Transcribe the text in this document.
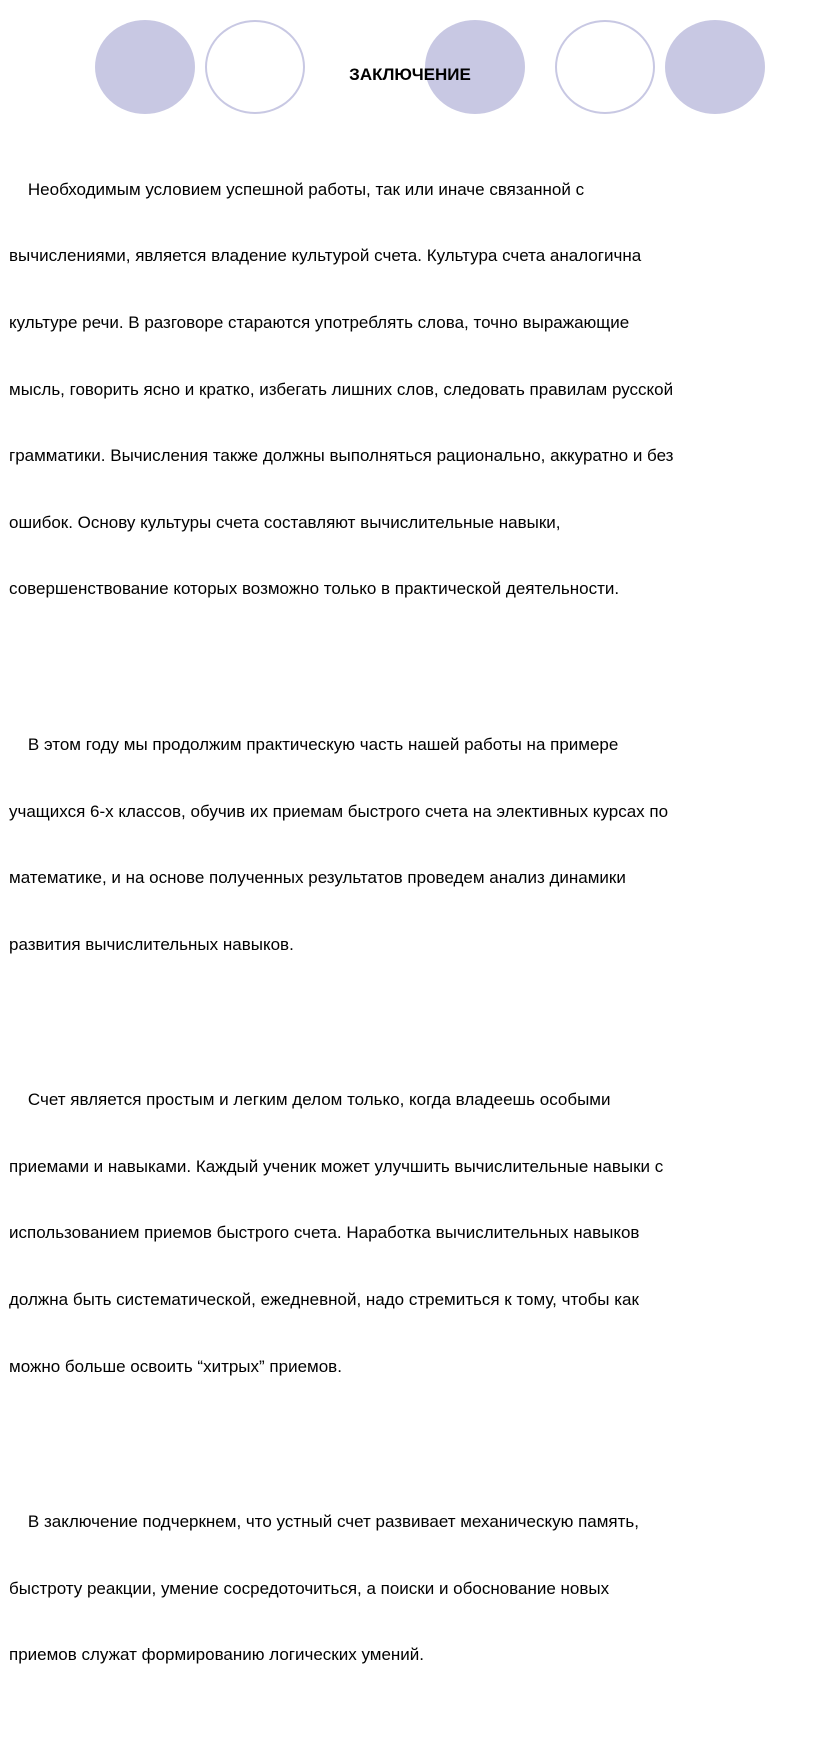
ЗАКЛЮЧЕНИЕ

Необходимым условием успешной работы, так или иначе связанной с

вычислениями, является владение культурой счета. Культура счета аналогична

культуре речи. В разговоре стараются употреблять слова, точно выражающие

мысль, говорить ясно и кратко, избегать лишних слов, следовать правилам русской

грамматики. Вычисления также должны выполняться рационально, аккуратно и без

ошибок. Основу культуры счета составляют вычислительные навыки,

совершенствование которых возможно только в практической деятельности.

В этом году мы продолжим практическую часть нашей работы на примере

учащихся 6-х классов, обучив их приемам быстрого счета на элективных курсах по

математике, и на основе полученных результатов проведем анализ динамики

развития вычислительных навыков.

Счет является простым и легким делом только, когда владеешь особыми

приемами и навыками. Каждый ученик может улучшить вычислительные навыки с

использованием приемов быстрого счета. Наработка вычислительных навыков

должна быть систематической, ежедневной, надо стремиться к тому, чтобы как

можно больше освоить “хитрых” приемов.

В заключение подчеркнем, что устный счет развивает механическую память,

быстроту реакции, умение сосредоточиться, а поиски и обоснование новых

приемов служат формированию логических умений.
